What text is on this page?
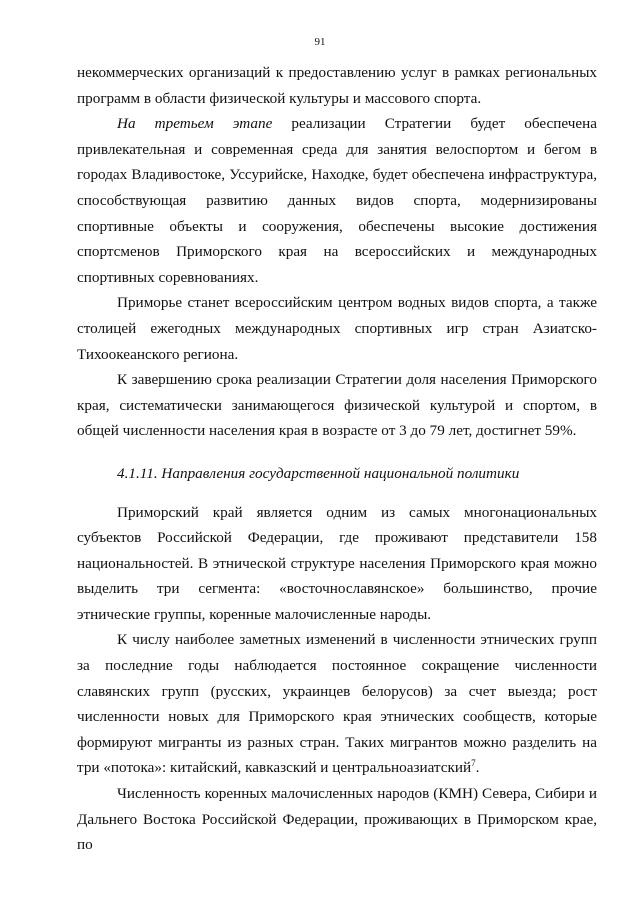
91

некоммерческих организаций к предоставлению услуг в рамках региональных программ в области физической культуры и массового спорта.

На третьем этапе реализации Стратегии будет обеспечена привлекательная и современная среда для занятия велоспортом и бегом в городах Владивостоке, Уссурийске, Находке, будет обеспечена инфраструктура, способствующая развитию данных видов спорта, модернизированы спортивные объекты и сооружения, обеспечены высокие достижения спортсменов Приморского края на всероссийских и международных спортивных соревнованиях.

Приморье станет всероссийским центром водных видов спорта, а также столицей ежегодных международных спортивных игр стран Азиатско-Тихоокеанского региона.

К завершению срока реализации Стратегии доля населения Приморского края, систематически занимающегося физической культурой и спортом, в общей численности населения края в возрасте от 3 до 79 лет, достигнет 59%.

4.1.11. Направления государственной национальной политики

Приморский край является одним из самых многонациональных субъектов Российской Федерации, где проживают представители 158 национальностей. В этнической структуре населения Приморского края можно выделить три сегмента: «восточнославянское» большинство, прочие этнические группы, коренные малочисленные народы.

К числу наиболее заметных изменений в численности этнических групп за последние годы наблюдается постоянное сокращение численности славянских групп (русских, украинцев белорусов) за счет выезда; рост численности новых для Приморского края этнических сообществ, которые формируют мигранты из разных стран. Таких мигрантов можно разделить на три «потока»: китайский, кавказский и центральноазиатский$^7$.

Численность коренных малочисленных народов (КМН) Севера, Сибири и Дальнего Востока Российской Федерации, проживающих в Приморском крае, по
